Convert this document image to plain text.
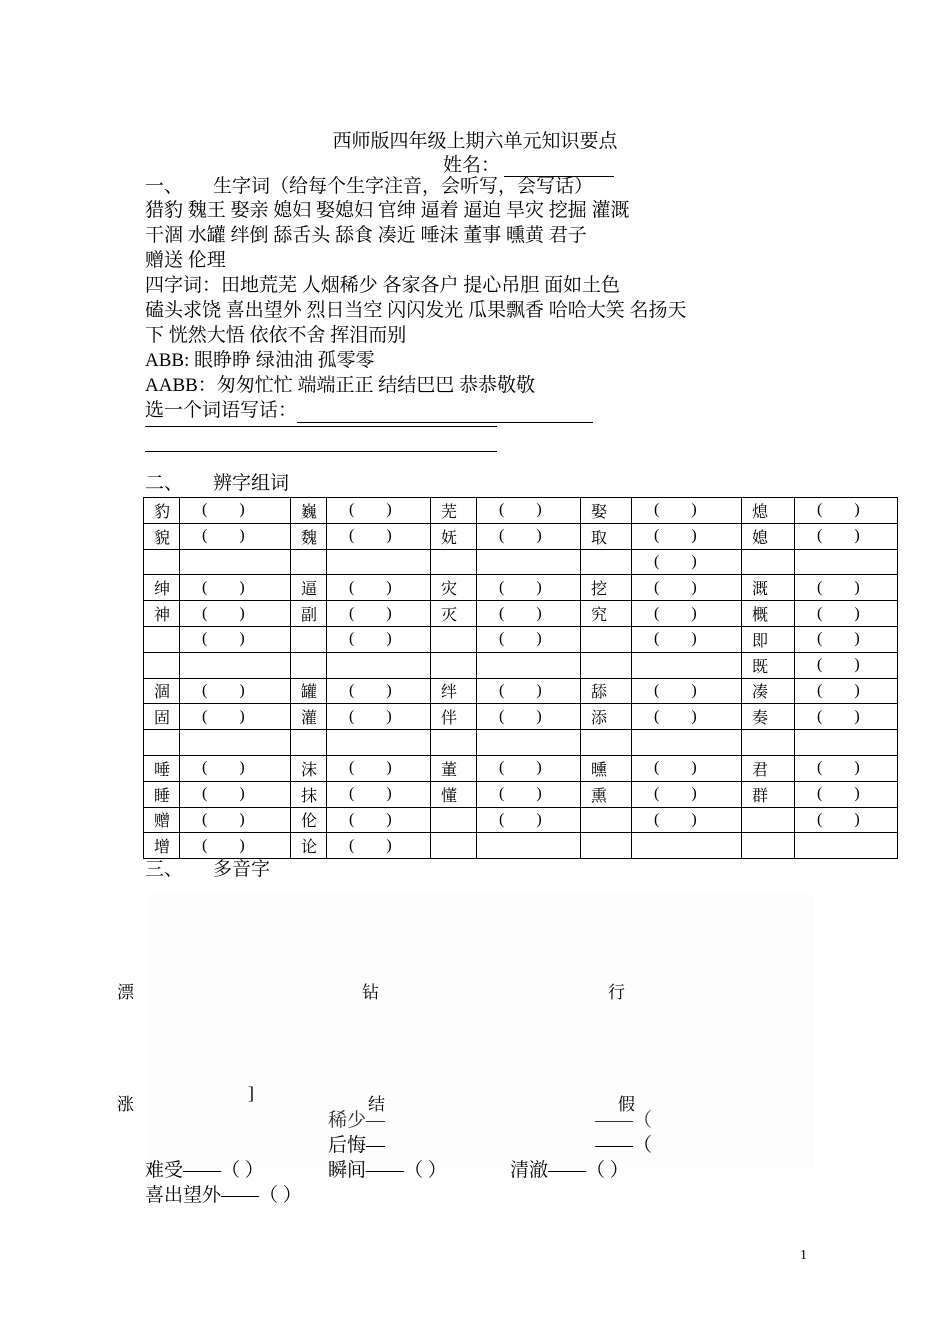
西师版四年级上期六单元知识要点
姓名：
一、 生字词（给每个生字注音，会听写，会写话）
猎豹 魏王 娶亲 媳妇 娶媳妇 官绅 逼着 逼迫 旱灾 挖掘 灌溉
干涸 水罐 绊倒 舔舌头 舔食 凑近 唾沫 董事 曛黄 君子
赠送 伦理
四字词：田地荒芜 人烟稀少 各家各户 提心吊胆 面如土色
磕头求饶 喜出望外 烈日当空 闪闪发光 瓜果飘香 哈哈大笑 名扬天
下 恍然大悟 依依不舍 挥泪而别
ABB: 眼睁睁 绿油油 孤零零
AABB：匆匆忙忙 端端正正 结结巴巴 恭恭敬敬
选一个词语写话：
二、 辨字组词
豹	(        )	巍	(        )	芜	(        )	娶	(        )	熄	(        )
貌	(        )	魏	(        )	妩	(        )	取	(        )	媳	(        )
							(        )		
绅	(        )	逼	(        )	灾	(        )	挖	(        )	溉	(        )
神	(        )	副	(        )	灭	(        )	究	(        )	概	(        )
	(        )		(        )		(        )		(        )	即	(        )
								既	(        )
涸	(        )	罐	(        )	绊	(        )	舔	(        )	凑	(        )
固	(        )	灌	(        )	伴	(        )	添	(        )	奏	(        )

唾	(        )	沫	(        )	董	(        )	曛	(        )	君	(        )
睡	(        )	抹	(        )	懂	(        )	熏	(        )	群	(        )
赠	(        )	伦	(        )		(        )		(        )		(        )
增	(        )	论	(        )						
三、 多音字
漂	钻	行
涨
]
结	假
稀少—	——（
后悔—	——（
难受——（ ）	瞬间——（ ）	清澈——（ ）
喜出望外——（ ）
1
